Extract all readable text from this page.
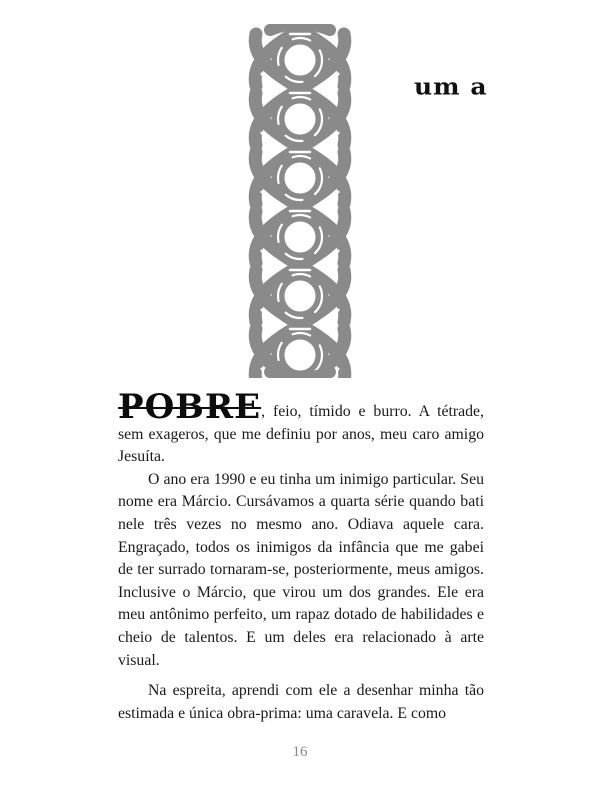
um a

POBRE, feio, tímido e burro. A tétrade, sem exageros, que me definiu por anos, meu caro amigo Jesuíta.

O ano era 1990 e eu tinha um inimigo particular. Seu nome era Márcio. Cursávamos a quarta série quando bati nele três vezes no mesmo ano. Odiava aquele cara. Engraçado, todos os inimigos da infância que me gabei de ter surrado tornaram-se, posteriormente, meus amigos. Inclusive o Márcio, que virou um dos grandes. Ele era meu antônimo perfeito, um rapaz dotado de habilidades e cheio de talentos. E um deles era relacionado à arte visual.

Na espreita, aprendi com ele a desenhar minha tão estimada e única obra-prima: uma caravela. E como

16
